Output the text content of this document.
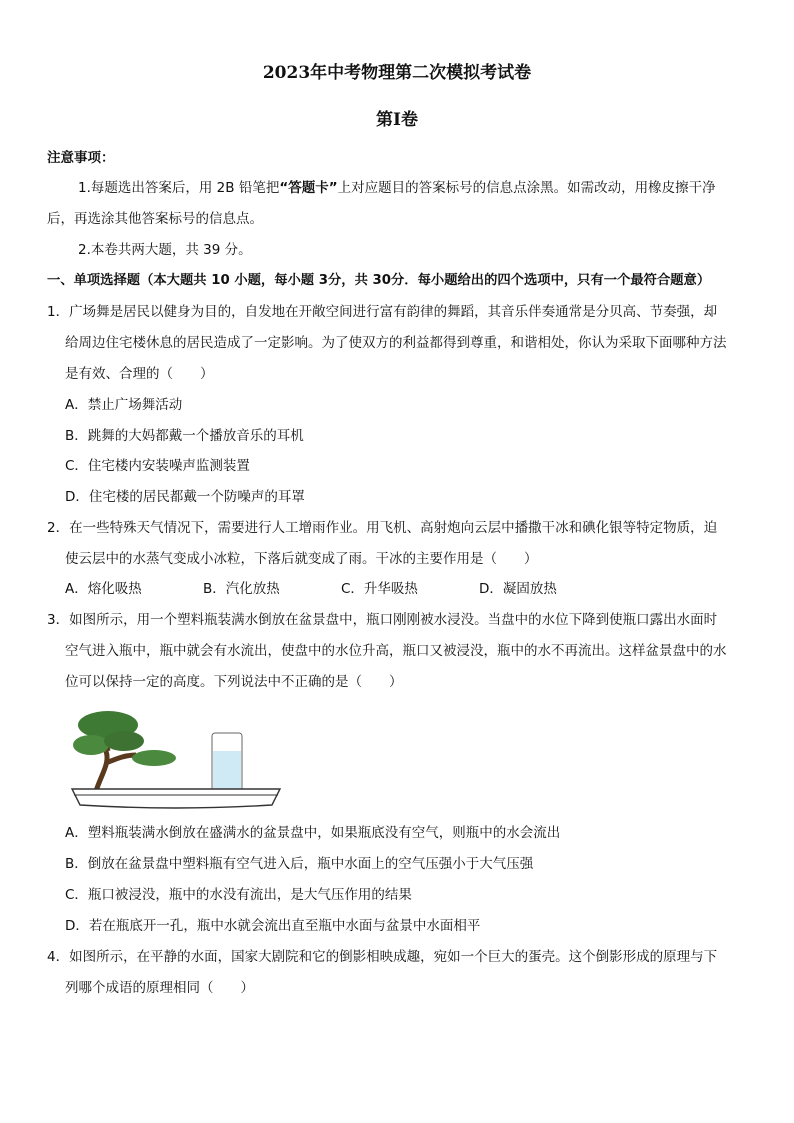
2023年中考物理第二次模拟考试卷
第Ⅰ卷
注意事项：
1.每题选出答案后，用 2B 铅笔把“答题卡”上对应题目的答案标号的信息点涂黑。如需改动，用橡皮擦干净
后，再选涂其他答案标号的信息点。
2.本卷共两大题，共 39 分。
一、单项选择题（本大题共 10 小题，每小题 3分，共 30分．每小题给出的四个选项中，只有一个最符合题意）
1．广场舞是居民以健身为目的，自发地在开敞空间进行富有韵律的舞蹈，其音乐伴奏通常是分贝高、节奏强，却
给周边住宅楼休息的居民造成了一定影响。为了使双方的利益都得到尊重，和谐相处，你认为采取下面哪种方法
是有效、合理的（　　）
A．禁止广场舞活动
B．跳舞的大妈都戴一个播放音乐的耳机
C．住宅楼内安装噪声监测装置
D．住宅楼的居民都戴一个防噪声的耳罩
2．在一些特殊天气情况下，需要进行人工增雨作业。用飞机、高射炮向云层中播撒干冰和碘化银等特定物质，迫
使云层中的水蒸气变成小冰粒，下落后就变成了雨。干冰的主要作用是（　　）
A．熔化吸热	B．汽化放热	C．升华吸热	D．凝固放热
3．如图所示，用一个塑料瓶装满水倒放在盆景盘中，瓶口刚刚被水浸没。当盘中的水位下降到使瓶口露出水面时
空气进入瓶中，瓶中就会有水流出，使盘中的水位升高，瓶口又被浸没，瓶中的水不再流出。这样盆景盘中的水
位可以保持一定的高度。下列说法中不正确的是（　　）
A．塑料瓶装满水倒放在盛满水的盆景盘中，如果瓶底没有空气，则瓶中的水会流出
B．倒放在盆景盘中塑料瓶有空气进入后，瓶中水面上的空气压强小于大气压强
C．瓶口被浸没，瓶中的水没有流出，是大气压作用的结果
D．若在瓶底开一孔，瓶中水就会流出直至瓶中水面与盆景中水面相平
4．如图所示，在平静的水面，国家大剧院和它的倒影相映成趣，宛如一个巨大的蛋壳。这个倒影形成的原理与下
列哪个成语的原理相同（　　）
